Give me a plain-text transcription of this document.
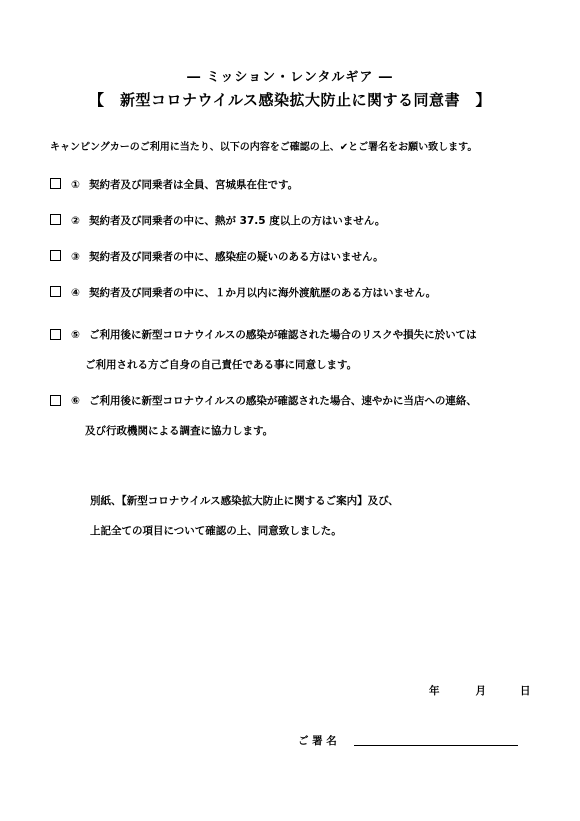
― ミッション・レンタルギア ―
【　新型コロナウイルス感染拡大防止に関する同意書　】
キャンピングカーのご利用に当たり、以下の内容をご確認の上、✔とご署名をお願い致します。
① 契約者及び同乗者は全員、宮城県在住です。
② 契約者及び同乗者の中に、熱が 37.5 度以上の方はいません。
③ 契約者及び同乗者の中に、感染症の疑いのある方はいません。
④ 契約者及び同乗者の中に、１か月以内に海外渡航歴のある方はいません。
⑤ ご利用後に新型コロナウイルスの感染が確認された場合のリスクや損失に於いては
ご利用される方ご自身の自己責任である事に同意します。
⑥ ご利用後に新型コロナウイルスの感染が確認された場合、速やかに当店への連絡、
及び行政機関による調査に協力します。
別紙、【新型コロナウイルス感染拡大防止に関するご案内】及び、
上記全ての項目について確認の上、同意致しました。
年	月	日
ご 署 名
